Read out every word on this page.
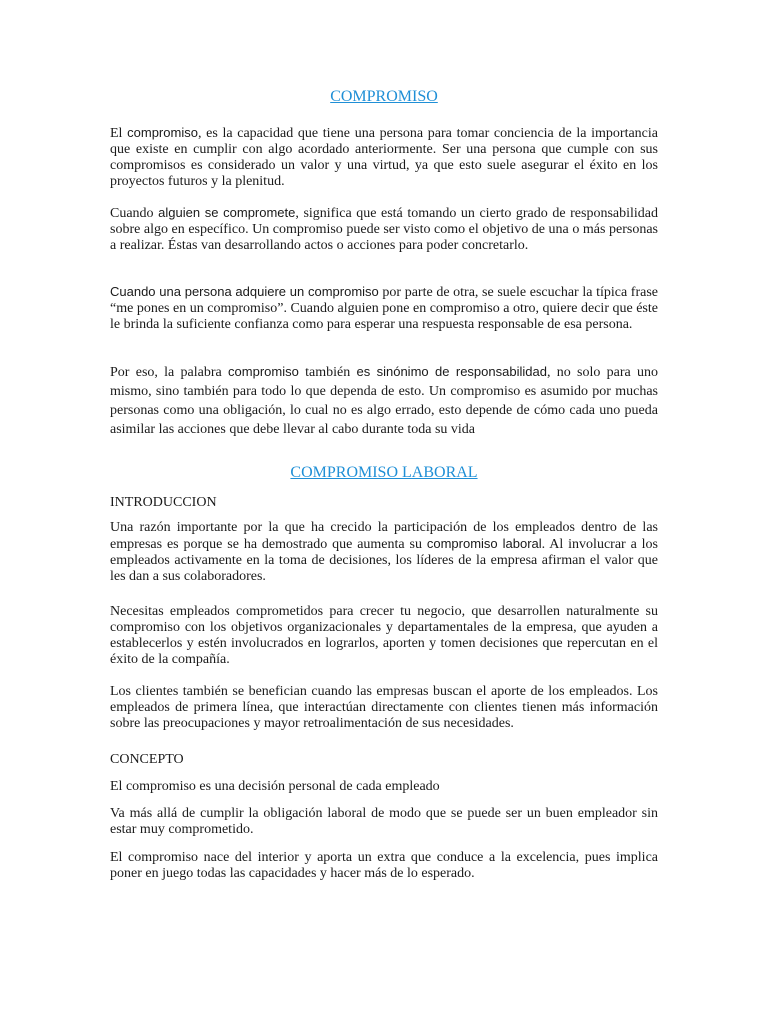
COMPROMISO

El compromiso, es la capacidad que tiene una persona para tomar conciencia de la importancia que existe en cumplir con algo acordado anteriormente. Ser una persona que cumple con sus compromisos es considerado un valor y una virtud, ya que esto suele asegurar el éxito en los proyectos futuros y la plenitud.

Cuando alguien se compromete, significa que está tomando un cierto grado de responsabilidad sobre algo en específico. Un compromiso puede ser visto como el objetivo de una o más personas a realizar. Éstas van desarrollando actos o acciones para poder concretarlo.

Cuando una persona adquiere un compromiso por parte de otra, se suele escuchar la típica frase “me pones en un compromiso”. Cuando alguien pone en compromiso a otro, quiere decir que éste le brinda la suficiente confianza como para esperar una respuesta responsable de esa persona.

Por eso, la palabra compromiso también es sinónimo de responsabilidad, no solo para uno mismo, sino también para todo lo que dependa de esto. Un compromiso es asumido por muchas personas como una obligación, lo cual no es algo errado, esto depende de cómo cada uno pueda asimilar las acciones que debe llevar al cabo durante toda su vida

COMPROMISO LABORAL
INTRODUCCION

Una razón importante por la que ha crecido la participación de los empleados dentro de las empresas es porque se ha demostrado que aumenta su compromiso laboral. Al involucrar a los empleados activamente en la toma de decisiones, los líderes de la empresa afirman el valor que les dan a sus colaboradores.

Necesitas empleados comprometidos para crecer tu negocio, que desarrollen naturalmente su compromiso con los objetivos organizacionales y departamentales de la empresa, que ayuden a establecerlos y estén involucrados en lograrlos, aporten y tomen decisiones que repercutan en el éxito de la compañía.

Los clientes también se benefician cuando las empresas buscan el aporte de los empleados. Los empleados de primera línea, que interactúan directamente con clientes tienen más información sobre las preocupaciones y mayor retroalimentación de sus necesidades.

CONCEPTO

El compromiso es una decisión personal de cada empleado

Va más allá de cumplir la obligación laboral de modo que se puede ser un buen empleador sin estar muy comprometido.

El compromiso nace del interior y aporta un extra que conduce a la excelencia, pues implica poner en juego todas las capacidades y hacer más de lo esperado.
